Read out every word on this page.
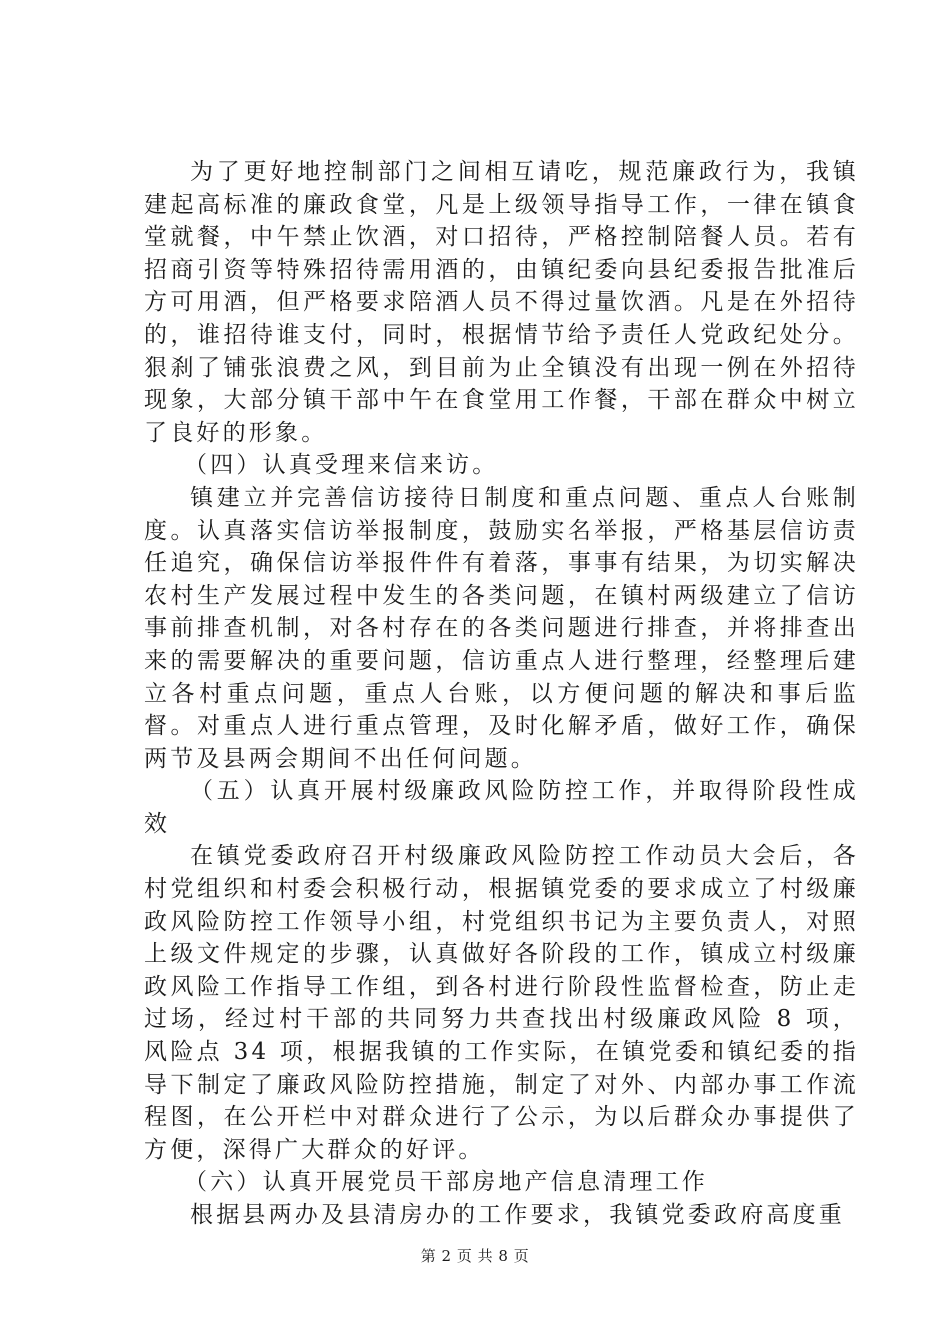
为了更好地控制部门之间相互请吃，规范廉政行为，我镇建起高标准的廉政食堂，凡是上级领导指导工作，一律在镇食堂就餐，中午禁止饮酒，对口招待，严格控制陪餐人员。若有招商引资等特殊招待需用酒的，由镇纪委向县纪委报告批准后方可用酒，但严格要求陪酒人员不得过量饮酒。凡是在外招待的，谁招待谁支付，同时，根据情节给予责任人党政纪处分。狠刹了铺张浪费之风，到目前为止全镇没有出现一例在外招待现象，大部分镇干部中午在食堂用工作餐，干部在群众中树立了良好的形象。

（四）认真受理来信来访。

镇建立并完善信访接待日制度和重点问题、重点人台账制度。认真落实信访举报制度，鼓励实名举报，严格基层信访责任追究，确保信访举报件件有着落，事事有结果，为切实解决农村生产发展过程中发生的各类问题，在镇村两级建立了信访事前排查机制，对各村存在的各类问题进行排查，并将排查出来的需要解决的重要问题，信访重点人进行整理，经整理后建立各村重点问题，重点人台账，以方便问题的解决和事后监督。对重点人进行重点管理，及时化解矛盾，做好工作，确保两节及县两会期间不出任何问题。

（五）认真开展村级廉政风险防控工作，并取得阶段性成效

在镇党委政府召开村级廉政风险防控工作动员大会后，各村党组织和村委会积极行动，根据镇党委的要求成立了村级廉政风险防控工作领导小组，村党组织书记为主要负责人，对照上级文件规定的步骤，认真做好各阶段的工作，镇成立村级廉政风险工作指导工作组，到各村进行阶段性监督检查，防止走过场，经过村干部的共同努力共查找出村级廉政风险 8 项，风险点 34 项，根据我镇的工作实际，在镇党委和镇纪委的指导下制定了廉政风险防控措施，制定了对外、内部办事工作流程图，在公开栏中对群众进行了公示，为以后群众办事提供了方便，深得广大群众的好评。

（六）认真开展党员干部房地产信息清理工作

根据县两办及县清房办的工作要求，我镇党委政府高度重

第 2 页 共 8 页
